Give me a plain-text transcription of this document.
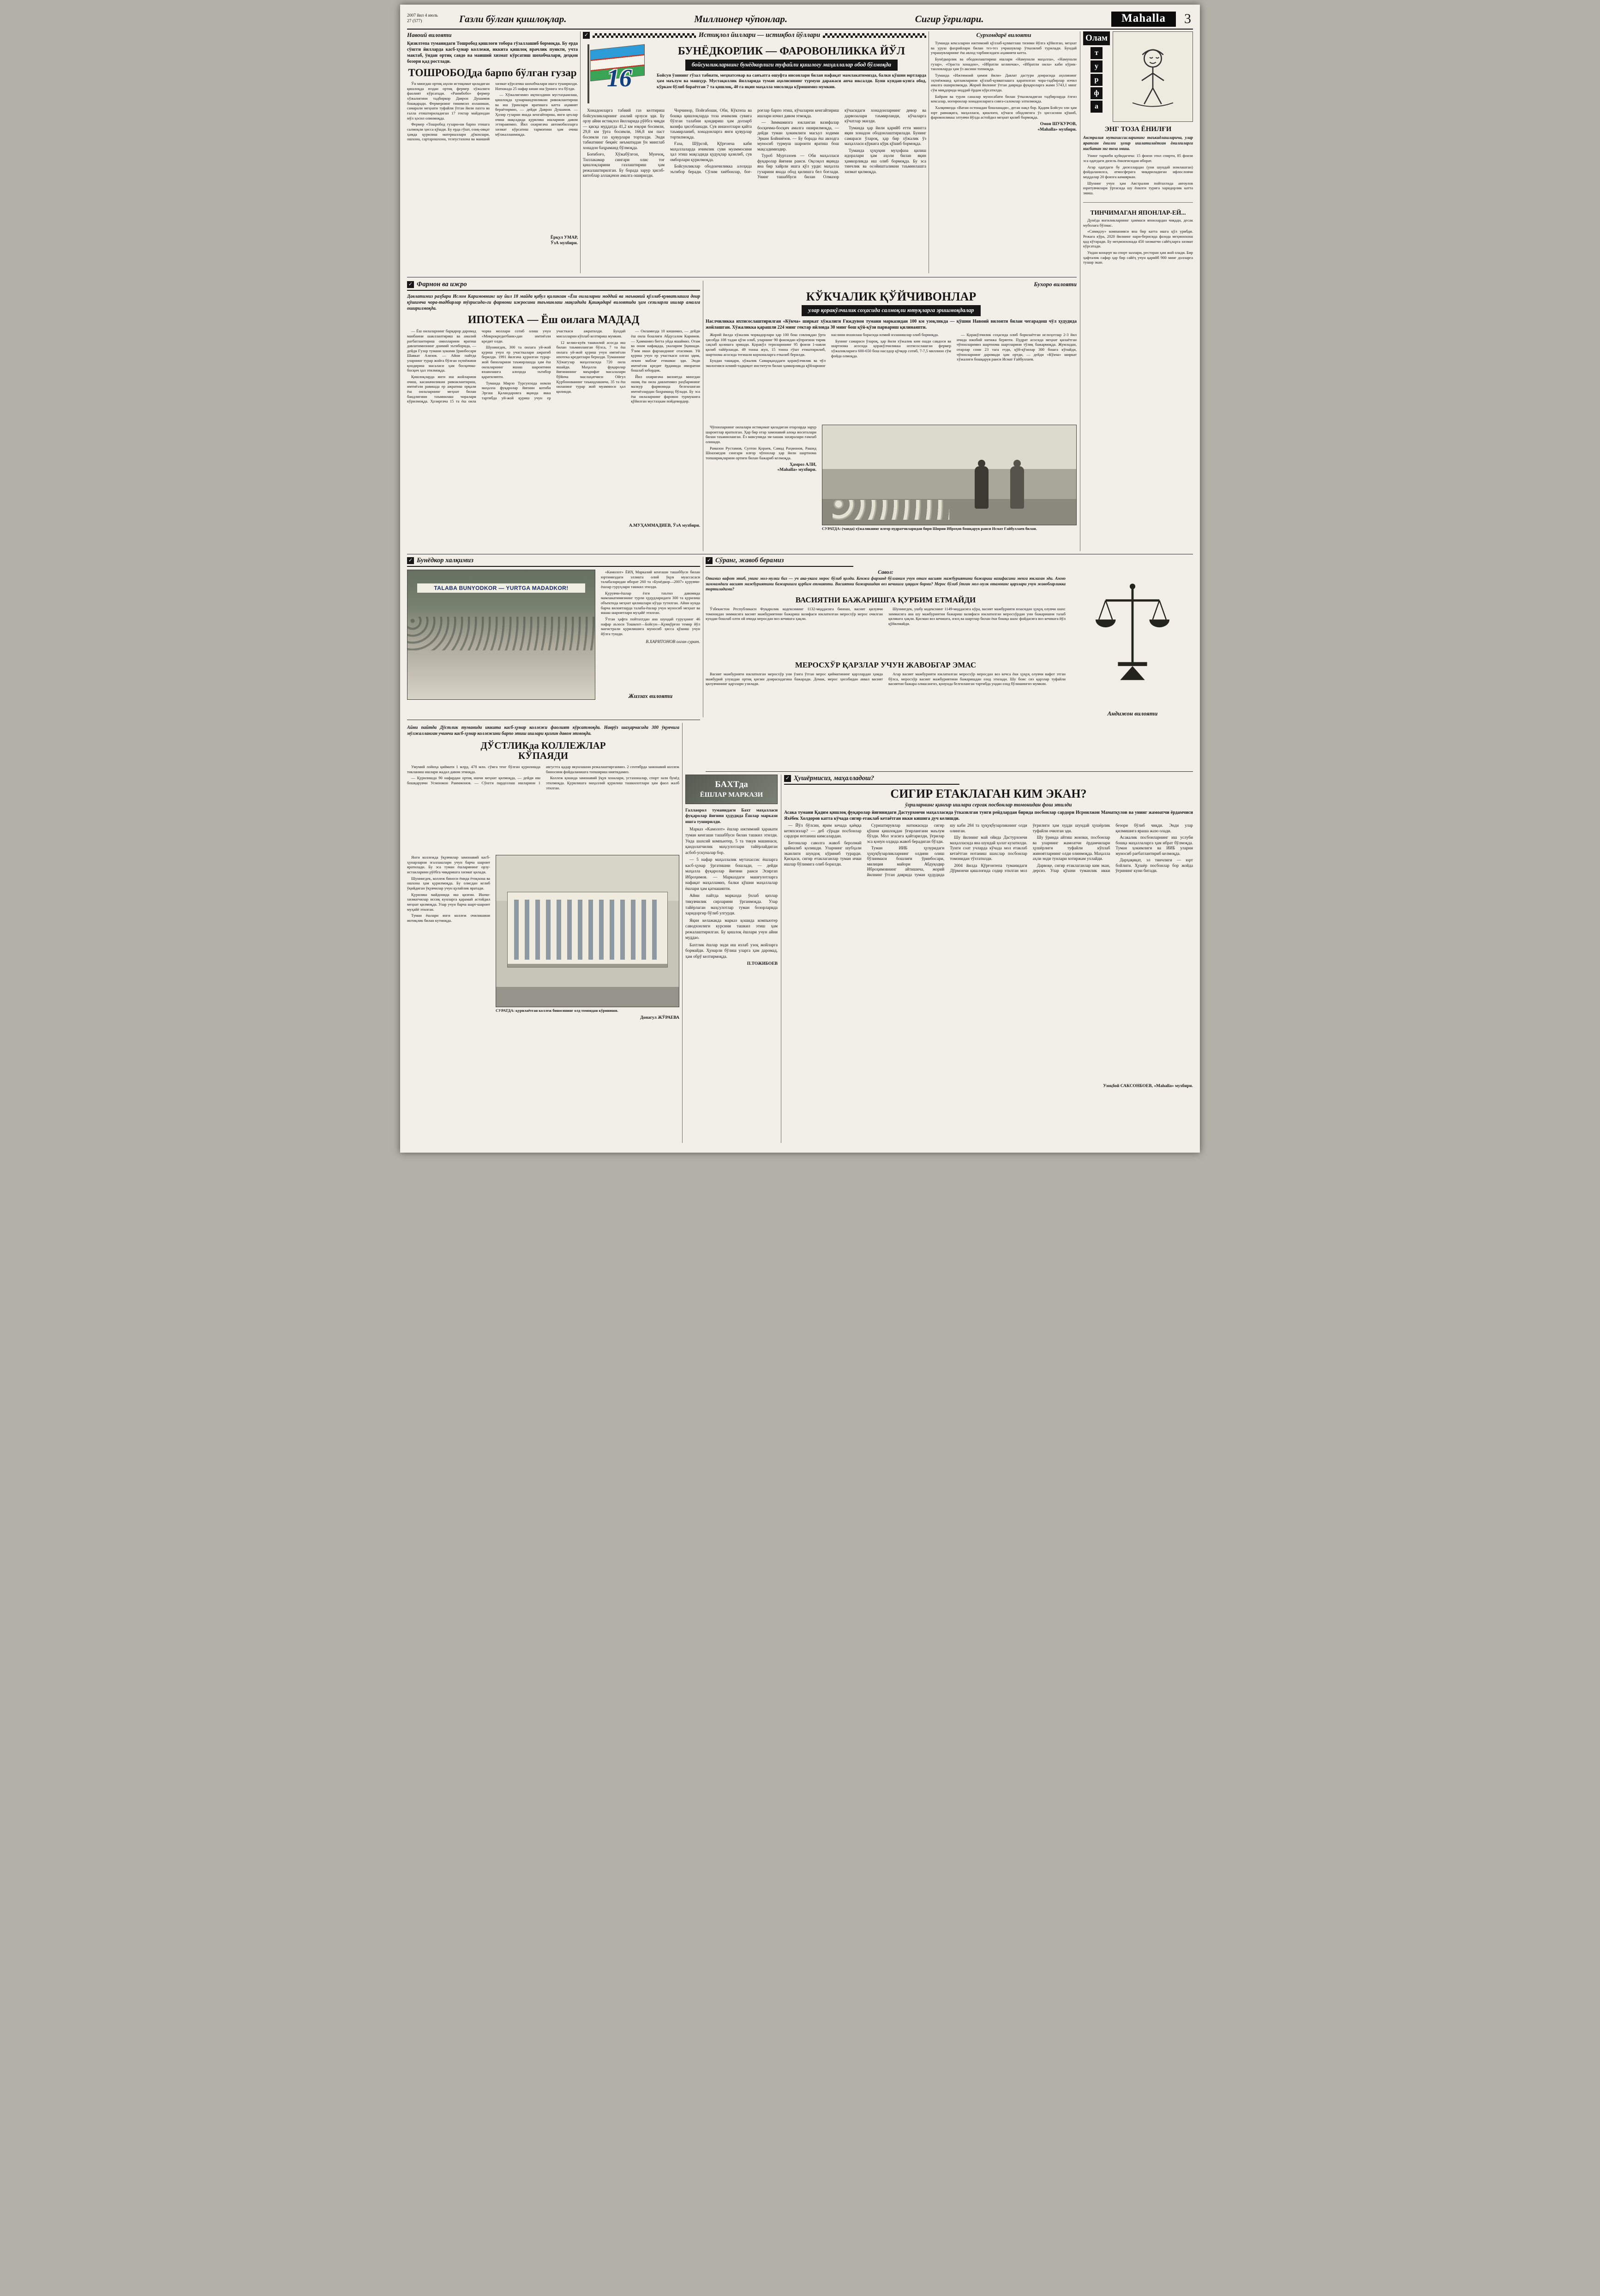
2007 йил 4 июль
27 (577)	Газли бўлган қишлоқлар.	Миллионер чўпонлар.	Сигир ўғрилари.	Mahalla	3
Навоий вилояти

Қизилтепа туманидаги Тошробод қишлоғи тобора гўзаллашиб бормоқда. Бу ерда сўнгги йилларда касб-ҳунар коллежи, иккита қишлоқ врачлик пункти, учта мактаб, ўндан ортиқ савдо ва маиший хизмат кўрсатиш шохобчалари, деҳқон бозори қад ростлади.

ТОШРОБОДда барпо бўлган гузар

Ўн мингдан ортиқ аҳоли истиқомат қиладиган қишлоқда юздан ортиқ фермер хўжалиги фаолият кўрсатади. «Раимбобо» фермер хўжалигини тадбиркор Даврон Душамов бошқаради. Фермернинг тинимсиз изланиши, самарали меҳнати туфайли ўтган йили пахта ва ғалла етиштириладиган 17 гектар майдондан мўл ҳосил олинмоқда.

Фермер «Тошробод гузари»ни барпо этишга салмоқли ҳисса қўшди. Бу ерда гўшт, озиқ-овқат ҳамда қурилиш материаллари дўконлари, ошхона, сартарошхона, телеустахона ва маиший хизмат кўрсатиш шохобчалари ишга туширилди. Натижада 25 нафар киши иш ўрнига эга бўлди.

— Хўжалигимиз иқтисодини мустаҳкамлаш, қишлоқда ҳунармандчиликни ривожлантириш ва иш ўринлари яратишга катта аҳамият бераётирмиз, — дейди Даврон Душамов. — Ҳозир гузарни янада кенгайтириш, янги цехлар очиш мақсадида қурилиш ишларини давом эттираяпмиз. Йил охиригача автомобилларга хизмат кўрсатиш тармоғини ҳам очиш мўлжалланмоқда.

Ёрқул УМАР,
ЎзА мухбири.
✓	Истиқлол йиллари — истиқбол йўллари
16
БУНЁДКОРЛИК — ФАРОВОНЛИККА ЙЎЛ
бойсунликларнинг бунёдкорлиги туфайли қишлоғу маҳаллалар обод бўлмоқда

Бойсун ўзининг гўзал табиати, меҳнатсевар ва санъатга ошуфта инсонлари билан нафақат мамлакатимизда, балки қўшни юртларда ҳам маълум ва машҳур. Мустақиллик йилларида туман аҳолисининг турмуш даражаси анча юксалди. Буни кундан-кунга обод, кўркам бўлиб бораётган 7 та қишлоқ, 40 га яқин маҳалла мисолида кўришимиз мумкин.

Хонадонларга табиий газ келтириш бойсунликларнинг азалий орзуси эди. Бу орзу айни истиқлол йилларида рўёбга чиқди — қисқа муддатда 41,2 км юқори босимли, 29,8 км ўрта босимли, 166,8 км паст босимли газ қувурлари тортилди. Энди табиатнинг беқиёс неъматидан ўн минглаб хонадон баҳраманд бўлмоқда.

Боғибоғо, Хўжабўлғон, Мунчоқ, Тиллакамар сингари олис тоғ қишлоқларини газлаштириш ҳам режалаштирилган. Бу борада зарур ҳисоб-китоблар аллақачон амалга оширилди.

Чорчинор, Пойғабоши, Оби, Кўктепа ва бошқа қишлоқларда тоза ичимлик сувига бўлган талабни қондириш ҳам долзарб вазифа ҳисобланади. Сув иншоотлари қайта таъмирланиб, хонадонларга янги қувурлар тортилмоқда.

Ғаза, Шўрсой, Қўрғонча каби маҳаллаларда ичимлик суви муаммосини ҳал этиш мақсадида қудуқлар қазилиб, сув омборлари қурилмоқда.

Бойсунликлар ободончиликка алоҳида эътибор беради. Сўлим хиёбонлар, боғ-роғлар барпо этиш, кўчаларни кенгайтириш ишлари изчил давом этмоқда.

— Зиммамизга юкланган вазифалар босқичма-босқич амалга оширилмоқда, — дейди туман ҳокимлиги масъул ходими Эркин Бойниёзов. — Бу борада ёш авлодга муносиб турмуш шароити яратиш бош мақсадимиздир.

Туроб Муртазоев — Оби маҳалласи фуқаролар йиғини раиси. Оқсоқол яқинда яна бир хайрли ишга қўл урди: маҳалла гузарини янада обод қилишга бел боғлади. Унинг ташаббуси билан Олмазор кўчасидаги хонадонларнинг девор ва дарвозалари таъмирланди, кўчаларга кўчатлар экилди.

Туманда ҳар йили қарийб етти мингга яқин хонадон ободонлаштирилади. Бунинг самараси ўлароқ, ҳар бир хўжалик ўз маҳалласи кўркига кўрк қўшиб бормоқда.

Туманда ҳуқуқни муҳофаза қилиш идоралари ҳам аҳоли билан яқин ҳамкорликда иш олиб бормоқда. Бу эса тинчлик ва осойишталикни таъминлашга хизмат қилмоқда.

Сурхондарё вилояти

Туманда кексаларни ижтимоий қўллаб-қувватлаш тизими йўлга қўйилган, меҳнат ва уруш фахрийлари билан тез-тез учрашувлар ўтказилиб турилади. Бундай учрашувларнинг ёш авлод тарбиясидаги аҳамияти катта.

Бунёдкорлик ва ободонлаштириш ишлари «Намунали маҳалла», «Намунали гузар», «Ораста хонадон», «Ибратли келинчак», «Ибратли оила» каби кўрик-танловларда ҳам ўз аксини топмоқда.

Туманда «Ижтимоий ҳимоя йили» Давлат дастури доирасида аҳолининг эҳтиёжманд қатламларини қўллаб-қувватлашга қаратилган чора-тадбирлар изчил амалга оширилмоқда. Жорий йилнинг ўтган даврида фуқароларга жами 5743,1 минг сўм миқдорида моддий ёрдам кўрсатилди.

Байрам ва турли саналар муносабати билан ўтказиладиган тадбирларда ёлғиз кексалар, ногиронлар хонадонларига совға-саломлар элтилмоқда.

Халқимизда «Ватан остонадан бошланади», деган нақл бор. Қадим Бойсун эли ҳам юрт равнақига, маҳалласи, қишлоғи, кўчаси ободлигига ўз ҳиссасини қўшиб, фаровонликка элтувчи йўлда астойдил меҳнат қилиб бормоқда.

Омон ШУКУРОВ,
«Mahalla» мухбири.
Олам
т
у
р
ф
а
ЭНГ ТОЗА ЁНИЛҒИ

Австралия мутахассисларининг таъкидлашларича, улар яратган ёнилғи ҳозир ишлатилаётган ёнилғиларга нисбатан энг тоза эмиш.

Унинг таркиби қуйидагича: 15 фоизи этил спирти, 85 фоизи эса одатдаги дизель ёнилғисидан иборат.

Агар одатдаги бу дизеллардан (уни шундай номлашган) фойдаланилса, атмосферага чиқариладиган ифлословчи моддалар 20 фоизга камаяркан.

Шунинг учун ҳам Австралия пойтахтида автоулов юритувчилари ўртасида шу ёнилғи турига харидорлик катта эмиш.

ТИНЧИМАГАН ЯПОНЛАР-ЕЙ...

Дунёда янгиликларнинг ҳаммаси японлардан чиқади, десак муболаға бўлмас.

«Симидзу» компанияси яна бир катта ишга қўл урибди. Режага кўра, 2020 йилнинг нари-берисида фазода меҳмонхона қад кўтаради. Бу меҳмонхонада 450 хизматчи сайёҳларга хизмат кўрсатади.

Ундан концерт ва спорт заллари, ресторан ҳам жой олади. Бир ҳафталик сафар ҳар бир сайёҳ учун қарийб 900 минг долларга тушар экан.

✓ Фармон ва ижро

Давлатимиз раҳбари Ислом Каримовнинг шу йил 18 майда қабул қилинган «Ёш оилаларни моддий ва маънавий қўллаб-қувватлашга доир қўшимча чора-тадбирлар тўғрисида»ги фармони ижросини таъминлаш мақсадида Қашқадарё вилоятида ҳам сезиларли ишлар амалга оширилмоқда.

ИПОТЕКА — Ёш оилага МАДАД

— Ёш оилаларнинг барқарор даромад манбаини шакллантириш ва амалий рағбатлантириш омилларини яратиш давлатимизнинг доимий эътиборида, — дейди Ғузор тумани ҳокими ўринбосари Шавкат Азизов. — Айни пайтда уларнинг турар жойга бўлган эҳтиёжини қондириш масаласи ҳам босқичма-босқич ҳал этилмоқда.

Қишлоқларда янги иш жойларини очиш, касаначиликни ривожлантириш, имтиёзли равишда ер ажратиш орқали ёш оилаларнинг меҳнат билан бандлигини таъминлаш чоралари кўрилмоқда. Ҳозиргача 15 та ёш оила чорва моллари сотиб олиш учун «Микрокредитбанк»дан имтиёзли кредит олди.

Шунингдек, 300 та оилага уй-жой қуриш учун ер участкалари ажратиб берилди. 1991 йилгача қурилган турар-жой биноларини таъмирлашда ҳам ёш оилаларнинг яшаш шароитини яхшилашга алоҳида эътибор қаратиляпти.

Туманда Мирзо Турсунзода номли маҳалла фуқаролар йиғини котиби Эргаш Қаландаровга яқинда якка тартибда уй-жой қуриш учун ер участкаси ажратилди. Бундай мисолларни кўплаб келтириш мумкин.

12 келин-куёв ташкилий асосда иш билан таъминланган бўлса, 7 та ёш оилага уй-жой қуриш учун имтиёзли ипотека кредитлари берилди. Туманнинг Хўжағузар маҳалласида 720 оила яшайди. Маҳалла фуқаролар йиғинининг маърифат масалалари бўйича маслаҳатчиси Ойгул Қурбонованинг таъкидлашича, 35 та ёш оиланинг турар жой муаммоси ҳал қилинди.

— Оиламизда 10 кишимиз, — дейди ёш оила бошлиғи Абдусалом Каримов. — Ҳаммамиз битта уйда яшаймиз. Отам ва онам нафақада, укаларим ўқишади. Ўзим икки фарзанднинг отасиман. Уй қуриш учун ер участкаси олган эдим, лекин маблағ етишмас эди. Энди имтиёзли кредит ёрдамида иморатни бошлаб юбордик.

Йил охиригача вилоятда мингдан ошиқ ёш оила давлатимиз раҳбарининг мазкур фармонида белгиланган имтиёзлардан баҳраманд бўлади. Бу эса ёш оилаларнинг фаровон турмушига қўйилган мустаҳкам пойдевордир.

А.МУҲАММАДИЕВ, ЎзА мухбири.
Бухоро вилояти
КЎКЧАЛИК ҚЎЙЧИВОНЛАР
улар қоракўлчилик соҳасида салмоқли ютуқларга эришмоқдалар

Наслчиликка ихтисослаштирилган «Кўкча» ширкат хўжалиги Ғиждувон тумани марказидан 100 км узоқликда — қўшни Навоий вилояти билан чегарадош чўл ҳудудида жойлашган. Хўжаликка қарашли 224 минг гектар яйловда 30 минг бош қўй-қўзи парвариш қилинаяпти.

Жорий йилда хўжалик чорвадорлари ҳар 100 бош совлиқдан ўрта ҳисобда 108 тадан қўзи олиб, уларнинг 90 фоизидан кўпроғини тирик сақлаб қолишга эришди. Қоракўл териларининг 95 фоизи 1-навли қилиб тайёрланди. 49 тонна жун, 15 тонна гўшт етиштирилиб, шартнома асосида тегишли корхоналарга етказиб берилди.

Бундан ташқари, хўжалик Самарқанддаги қоракўлчилик ва чўл экологияси илмий-тадқиқот институти билан ҳамкорликда қўйларнинг наслини яхшилаш борасида илмий изланишлар олиб бормоқда.

Бунинг самараси ўлароқ, ҳар йили хўжалик ким ошди савдоси ва шартнома асосида қоракўлчиликка ихтисослашган фермер хўжаликларига 600-650 бош наслдор қўчқор сотиб, 7-7,5 миллион сўм фойда олмоқда.

— Қоракўлчилик соҳасида олиб борилаётган ислоҳотлар 2-3 йил ичида ижобий натижа беряпти. Пудрат асосида меҳнат қилаётган чўпонларимиз шартнома шартларини тўлиқ бажармоқда. Жумладан, отарлар сони 23 тага етди, қўй-қўзилар 300 бошга кўпайди, чўпонларнинг даромади ҳам ортди, — дейди «Кўкча» ширкат хўжалиги бошқарув раиси Исмат Ғайбуллаев.

Чўпонларнинг оилалари истиқомат қиладиган отарларда зарур шароитлар яратилган. Ҳар бир отар замонавий алоқа воситалари билан таъминланган. Ёз мавсумида эм-хашак захиралари ғамлаб олинади.

Рамазон Рустамов, Султон Қораев, Самад Раҳмонов, Рашид Шоахмедов сингари илғор чўпонлар ҳар йили шартнома топшириқларини ортиғи билан бажариб келмоқда.

Ҳамроз АЛИ,
«Mahalla» мухбири.

СУРАТДА: (чапда) хўжаликнинг илғор пудратчиларидан бири Ширин Иброҳов бошқарув раиси Исмат Ғайбуллаев билан.

✓ Бунёдкор халқимиз
TALABA BUNYODKOR — YURTGA MADADKOR!

«Камолот» ЁИҲ Марказий кенгаши ташаббуси билан юртимиздаги элликта олий ўқув муассасаси талабаларидан иборат 260 та «Бунёдкор—2007» қурувчи-ёшлар гуруҳлари ташкил этилди.

Қурувчи-ёшлар ёзги таътил давомида мамлакатимизнинг турли ҳудудларидаги 300 та қурилиш объектида меҳнат қилишлари кўзда тутилган. Айни кунда барча вилоятларда талаба-ёшлар учун муносиб меҳнат ва яшаш шароитлари муҳайё этилган.

Ўтган ҳафта пойтахтдан ана шундай гуруҳнинг 46 нафар аъзоси Тошкент—Бойсун—Қумқўрғон темир йўл магистрали қурилишига муносиб ҳисса қўшиш учун йўлга тушди.

В.ХАРИТОНОВ олган сурат.
Жиззах вилояти
✓ Сўранг, жавоб берамиз
Савол:

Отамиз вафот этиб, унинг мол-мулки биз — уч ака-укага мерос бўлиб қолди. Кенжа фарзанд бўлганим учун отам васият мажбуриятини бажариш вазифасини менга юклаган эди. Аммо зиммамдаги васият мажбуриятини бажаришга қурбим етмаяпти. Васиятни бажаришдан воз кечишга ҳаққим борми? Мерос бўлиб ўтган мол-мулк отамнинг қарзлари учун жавобгарликка тортиладими?

ВАСИЯТНИ БАЖАРИШГА ҚУРБИМ ЕТМАЙДИ

Ўзбекистон Республикаси Фуқаролик кодексининг 1132-моддасига биноан, васият қилувчи томонидан зиммасига васият мажбуриятини бажариш вазифаси юклатилган меросхўр мерос очилган кундан бошлаб олти ой ичида меросдан воз кечишга ҳақли.

Шунингдек, ушбу кодекснинг 1149-моддасига кўра, васият мажбурияти юзасидан ҳуқуқ олувчи шахс зиммасига ана шу мажбуриятни бажариш вазифаси юклатилган меросхўрдан уни бажаришни талаб қилишга ҳақли. Қисман воз кечишга, изоҳ ва шартлар билан ёки бошқа шахс фойдасига воз кечишга йўл қўйилмайди.

МЕРОСХЎР ҚАРЗЛАР УЧУН ЖАВОБГАР ЭМАС

Васият мажбурияти юклатилган меросхўр уни ўзига ўтган мерос қийматининг қарзлардан ҳамда мажбурий улушдан ортиқ қисми доирасидагина бажаради. Демак, мерос ҳисобидан аввал васият қилувчининг қарзлари узилади.

Агар васият мажбурияти юклатилган меросхўр меросдан воз кечса ёки ҳуқуқ олувчи вафот этган бўлса, меросхўр васият мажбуриятини бажаришдан озод этилади. Шу боис сиз қарзлар туфайли васиятни бажара олмасангиз, қонунда белгиланган тартибда ундан озод бўлишингиз мумкин.

Андижон вилояти

Айни пайтда Дўстлик туманида иккита касб-ҳунар коллежи фаолият кўрсатмоқда. Наврўз шаҳарчасида 300 ўқувчига мўлжалланган учинчи касб-ҳунар коллежини барпо этиш ишлари қизғин давом этмоқда.

ДЎСТЛИКда КОЛЛЕЖЛАР КЎПАЯДИ

Умумий лойиҳа қиймати 1 млрд. 478 млн. сўмга тенг бўлган қурилишда тикланиш ишлари жадал давом этмоқда.

— Қурилишда 90 нафардан ортиқ ишчи меҳнат қилмоқда, — дейди иш бошқарувчи Усмонжон Раимжонов. — Сўнгги пардозлаш ишларини 1 августга қадар якунлашни режалаштирганмиз. 2 сентябрда замонавий коллеж биносини фойдаланишга топшириш ниятидамиз.

Коллеж қошида замонавий ўқув хоналари, устахоналар, спорт зали бунёд этилмоқда. Қурилишга маҳаллий қурилиш ташкилотлари ҳам фаол жалб этилган.

Янги коллежда ўқувчилар замонавий касб-ҳунарларни эгаллашлари учун барча шароит яратилади. Бу эса туман ёшларининг орзу-истакларини рўёбга чиқаришга хизмат қилади.

Шунингдек, коллеж биноси ёнида ётоқхона ва ошхона ҳам қурилмоқда. Бу олисдан келиб ўқийдиган ўқувчилар учун қулайлик яратади.

Қурилиш майдонида иш қизғин. Ишчи-хизматчилар иссиқ кунларга қарамай астойдил меҳнат қилмоқда. Улар учун барча шарт-шароит муҳайё этилган.

Туман ёшлари янги коллеж очилишини интиқлик билан кутмоқда.

СУРАТДА: қурилаётган коллеж биносининг олд томондан кўриниши.

Донагул ЖЎРАЕВА
БАХТда
ЁШЛАР МАРКАЗИ

Галлаорол туманидаги Бахт маҳалласи фуқаролар йиғини ҳудудида Ёшлар маркази ишга туширилди.

Марказ «Камолот» ёшлар ижтимоий ҳаракати туман кенгаши ташаббуси билан ташкил этилди. Унда шахсий компьютер, 5 та тикув машинаси, қандолатчилик маҳсулотлари тайёрлайдиган асбоб-ускуналар бор.

— 5 нафар маҳаллалик мутахассис ёшларга касб-ҳунар ўргатишни бошлади, — дейди маҳалла фуқаролар йиғини раиси Эсиргап Иброҳимов. — Марказдаги машғулотларга нафақат маҳалламиз, балки қўшни маҳаллалар ёшлари ҳам қатнашяпти.

Айни пайтда марказда ўнлаб қизлар тикувчилик сирларини ўрганмоқда. Улар тайёрлаган маҳсулотлар туман бозорларида харидоргир бўлиб улгурди.

Яқин келажакда марказ қошида компьютер саводхонлиги курсини ташкил этиш ҳам режалаштирилган. Бу қишлоқ ёшлари учун айни муддао.

Бахтлик ёшлар энди иш излаб узоқ жойларга бормайди. Ҳунарли бўлиш уларга ҳам даромад, ҳам обрў келтирмоқда.

П.ТОЖИБОЕВ
✓ Ҳушёрмисиз, маҳалладош?
СИГИР ЕТАКЛАГАН КИМ ЭКАН?
ўғриларнинг қинғир ишлари сергак посбонлар томонидан фош этилди

Асака тумани Қадим қишлоқ фуқаролар йиғинидаги Дастурхончи маҳалласида ўтказилган тунги рейдлардан бирида посбонлар сардори Исроилжон Маматқулов ва унинг жамоатчи ёрдамчиси Яхёбек Холдоров катта кўчада сигир етаклаб кетаётган икки кишига дуч келишди.

— Йўл бўлсин, ярим кечада қаёққа кетяпсизлар? — деб сўради посбонлар сардори нотаниш кимсалардан.

Бегоналар саволга жавоб беролмай қийналиб қолишди. Уларнинг шубҳали эканлиги шундоқ кўриниб турарди. Қисқаси, сигир етаклаганлар туман ички ишлар бўлимига олиб борилди.

Суриштирувлар натижасида сигир қўшни қишлоқдан ўғирлангани маълум бўлди. Мол эгасига қайтарилди, ўғрилар эса қонун олдида жавоб берадиган бўлди.

Туман ИИБ ҳузуридаги ҳуқуқбузарликларнинг олдини олиш бўлинмаси бошлиғи ўринбосари, милиция майори Абдуқодир Иброҳимовнинг айтишича, жорий йилнинг ўтган даврида туман ҳудудида шу каби 284 та ҳуқуқбузарликнинг олди олинган.

Шу йилнинг май ойида Дастурхончи маҳалласида яна шундай ҳолат кузатилди. Тунги соат учларда кўчада мол етаклаб кетаётган нотаниш шахслар посбонлар томонидан тўхтатилди.

2004 йилда Қўрғонтепа туманидаги Дўрмончи қишлоғида содир этилган мол ўғрилиги ҳам худди шундай ҳушёрлик туфайли очилган эди.

Шу ўринда айтиш жоизки, посбонлар ва уларнинг жамоатчи ёрдамчилари ҳушёрлиги туфайли кўплаб жиноятларнинг олди олинмоқда. Маҳалла аҳли энди тунлари хотиржам ухлайди.

Дарвоқе, сигир етаклаганлар ким экан, дерсиз. Улар қўшни туманлик икки безори бўлиб чиқди. Энди улар қилмишига яраша жазо олади.

Асакалик посбонларнинг иш услуби бошқа маҳаллаларга ҳам ибрат бўлмоқда. Туман ҳокимлиги ва ИИБ уларни муносиб рағбатлантириб келмоқда.

Дарҳақиқат, эл тинчлиги — юрт бойлиги. Ҳушёр посбонлар бор жойда ўғрининг куни битади.

Узоқбой САКСОНБОЕВ, «Mahalla» мухбири.
